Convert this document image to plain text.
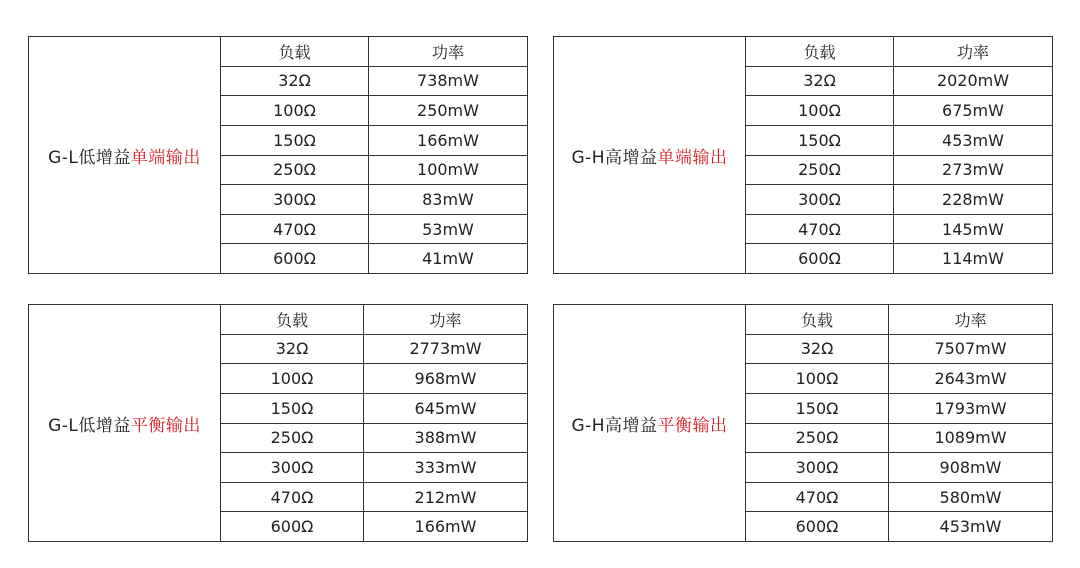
G-L低增益 单端输出
负载	功率
32Ω	738mW
100Ω	250mW
150Ω	166mW
250Ω	100mW
300Ω	83mW
470Ω	53mW
600Ω	41mW
G-H高增益 单端输出
负载	功率
32Ω	2020mW
100Ω	675mW
150Ω	453mW
250Ω	273mW
300Ω	228mW
470Ω	145mW
600Ω	114mW
G-L低增益 平衡输出
负载	功率
32Ω	2773mW
100Ω	968mW
150Ω	645mW
250Ω	388mW
300Ω	333mW
470Ω	212mW
600Ω	166mW
G-H高增益 平衡输出
负载	功率
32Ω	7507mW
100Ω	2643mW
150Ω	1793mW
250Ω	1089mW
300Ω	908mW
470Ω	580mW
600Ω	453mW
